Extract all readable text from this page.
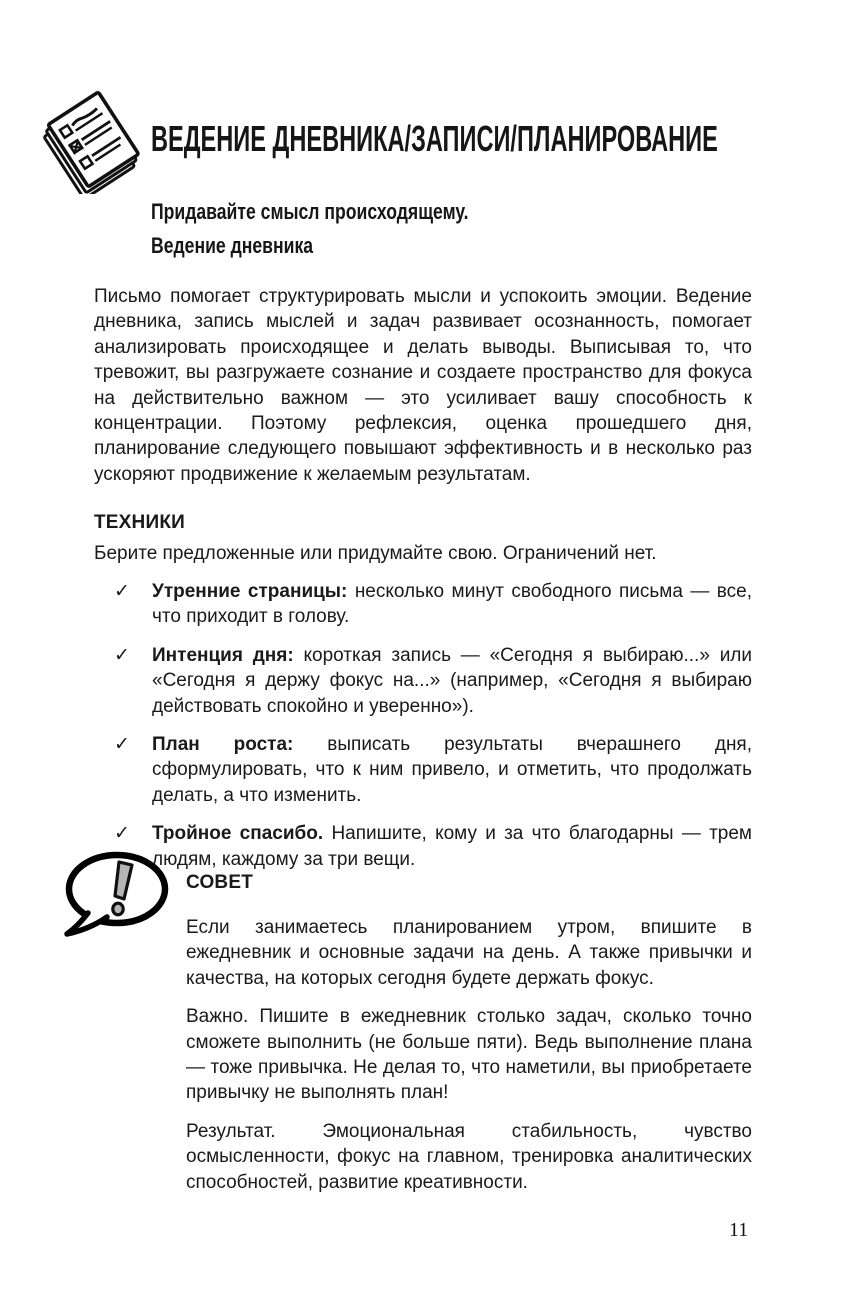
ВЕДЕНИЕ ДНЕВНИКА/ЗАПИСИ/ПЛАНИРОВАНИЕ
Придавайте смысл происходящему.
Ведение дневника
Письмо помогает структурировать мысли и успокоить эмоции. Ведение дневника, запись мыслей и задач развивает осознанность, помогает анализировать происходящее и делать выводы. Выписывая то, что тревожит, вы разгружаете сознание и создаете пространство для фокуса на действительно важном — это усиливает вашу способность к концентрации. Поэтому рефлексия, оценка прошедшего дня, планирование следующего повышают эффективность и в несколько раз ускоряют продвижение к желаемым результатам.
ТЕХНИКИ
Берите предложенные или придумайте свою. Ограничений нет.
✓ Утренние страницы: несколько минут свободного письма — все, что приходит в голову.
✓ Интенция дня: короткая запись — «Сегодня я выбираю...» или «Сегодня я держу фокус на...» (например, «Сегодня я выбираю действовать спокойно и уверенно»).
✓ План роста: выписать результаты вчерашнего дня, сформулировать, что к ним привело, и отметить, что продолжать делать, а что изменить.
✓ Тройное спасибо. Напишите, кому и за что благодарны — трем людям, каждому за три вещи.
СОВЕТ

Если занимаетесь планированием утром, впишите в ежедневник и основные задачи на день. А также привычки и качества, на которых сегодня будете держать фокус.

Важно. Пишите в ежедневник столько задач, сколько точно сможете выполнить (не больше пяти). Ведь выполнение плана — тоже привычка. Не делая то, что наметили, вы приобретаете привычку не выполнять план!

Результат. Эмоциональная стабильность, чувство осмысленности, фокус на главном, тренировка аналитических способностей, развитие креативности.

11
